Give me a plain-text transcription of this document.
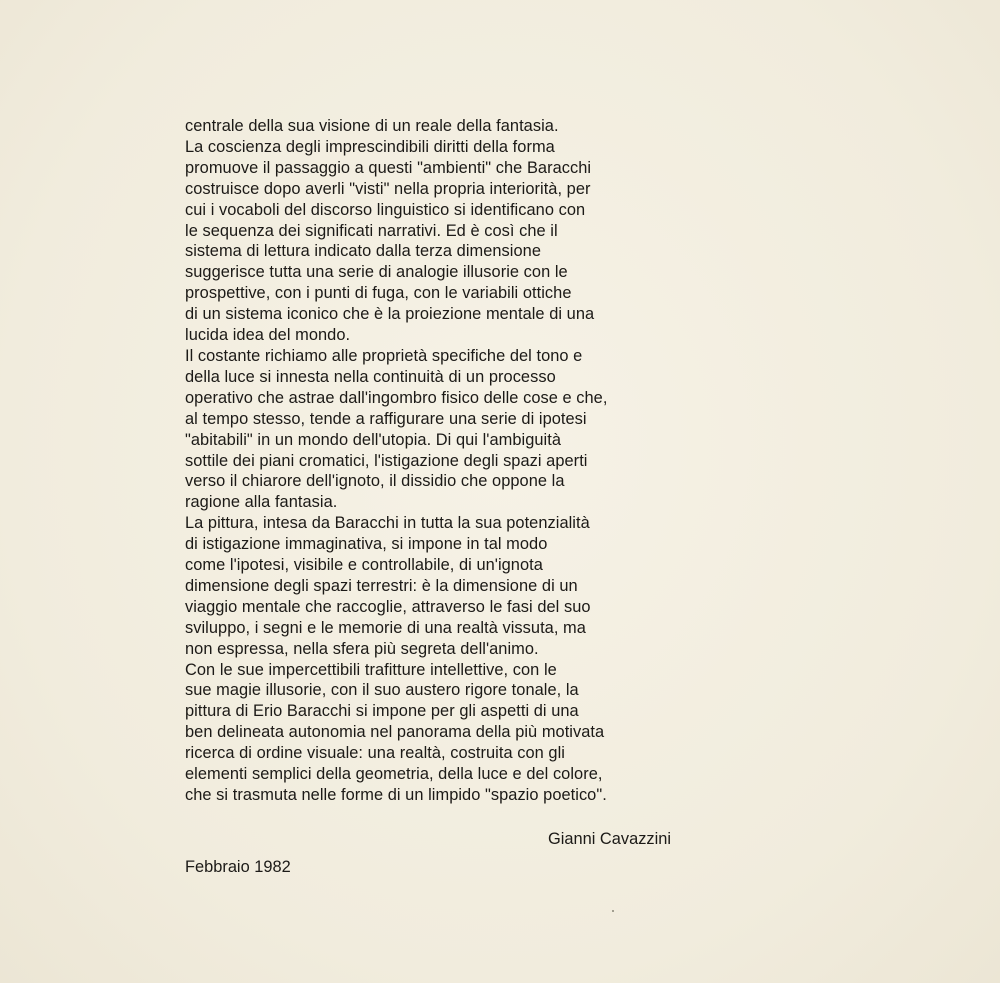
centrale della sua visione di un reale della fantasia.
La coscienza degli imprescindibili diritti della forma
promuove il passaggio a questi "ambienti" che Baracchi
costruisce dopo averli "visti" nella propria interiorità, per
cui i vocaboli del discorso linguistico si identificano con
le sequenza dei significati narrativi. Ed è così che il
sistema di lettura indicato dalla terza dimensione
suggerisce tutta una serie di analogie illusorie con le
prospettive, con i punti di fuga, con le variabili ottiche
di un sistema iconico che è la proiezione mentale di una
lucida idea del mondo.
Il costante richiamo alle proprietà specifiche del tono e
della luce si innesta nella continuità di un processo
operativo che astrae dall'ingombro fisico delle cose e che,
al tempo stesso, tende a raffigurare una serie di ipotesi
"abitabili" in un mondo dell'utopia. Di qui l'ambiguità
sottile dei piani cromatici, l'istigazione degli spazi aperti
verso il chiarore dell'ignoto, il dissidio che oppone la
ragione alla fantasia.
La pittura, intesa da Baracchi in tutta la sua potenzialità
di istigazione immaginativa, si impone in tal modo
come l'ipotesi, visibile e controllabile, di un'ignota
dimensione degli spazi terrestri: è la dimensione di un
viaggio mentale che raccoglie, attraverso le fasi del suo
sviluppo, i segni e le memorie di una realtà vissuta, ma
non espressa, nella sfera più segreta dell'animo.
Con le sue impercettibili trafitture intellettive, con le
sue magie illusorie, con il suo austero rigore tonale, la
pittura di Erio Baracchi si impone per gli aspetti di una
ben delineata autonomia nel panorama della più motivata
ricerca di ordine visuale: una realtà, costruita con gli
elementi semplici della geometria, della luce e del colore,
che si trasmuta nelle forme di un limpido "spazio poetico".
Gianni Cavazzini
Febbraio 1982
